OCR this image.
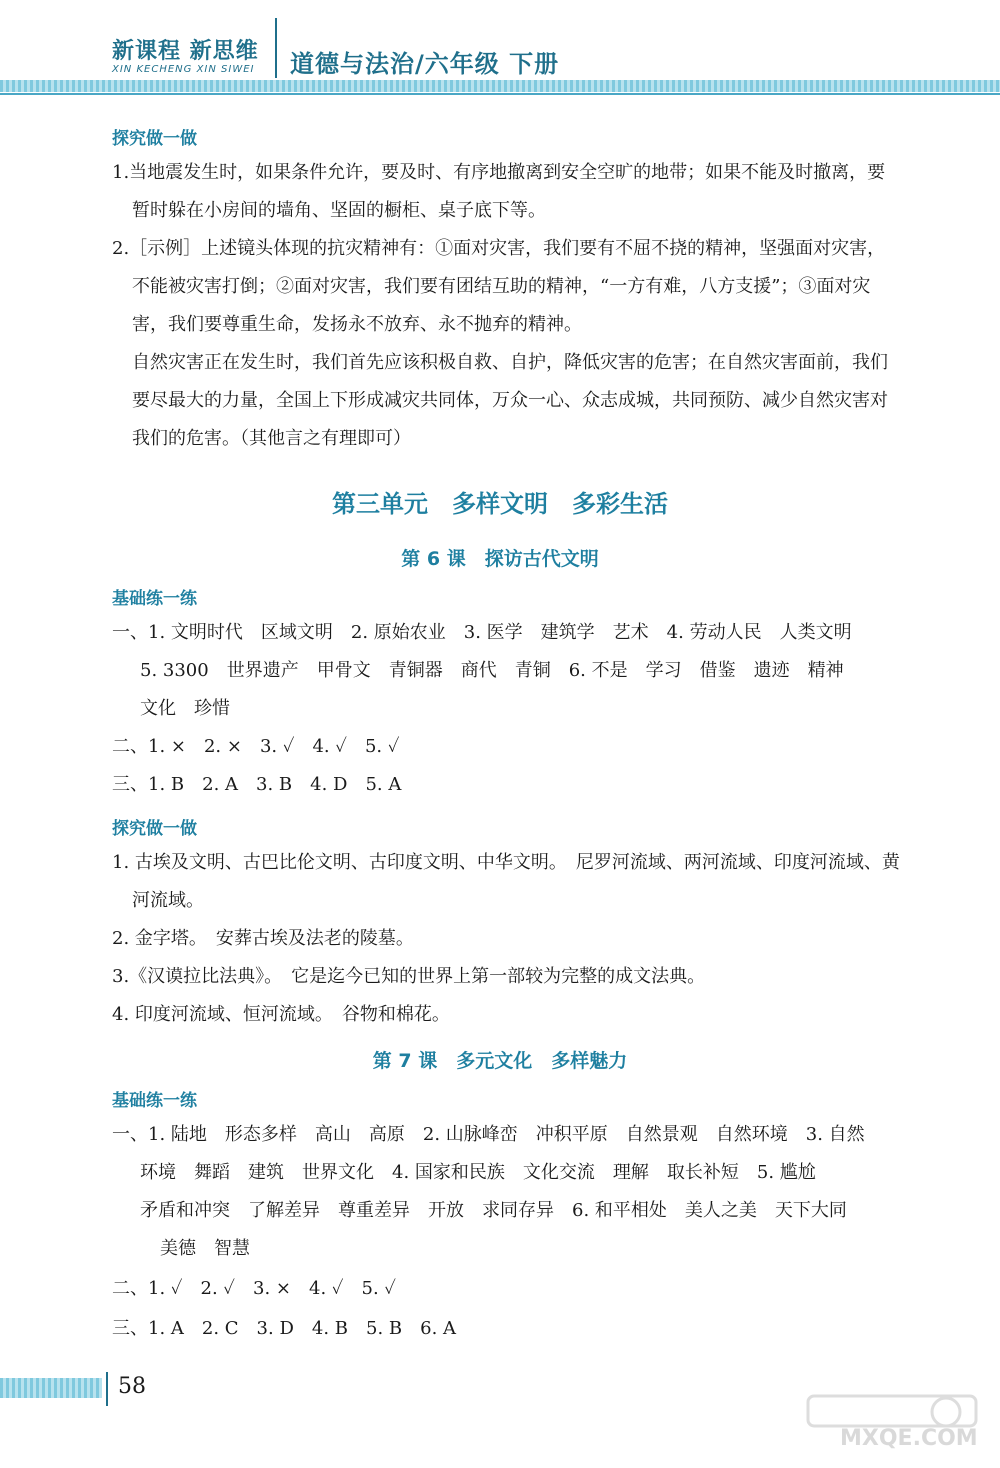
新课程 新思维
XIN KECHENG XIN SIWEI 道德与法治/六年级 下册
探究做一做
1.当地震发生时，如果条件允许，要及时、有序地撤离到安全空旷的地带；如果不能及时撤离，要
暂时躲在小房间的墙角、坚固的橱柜、桌子底下等。
2.［示例］上述镜头体现的抗灾精神有：①面对灾害，我们要有不屈不挠的精神，坚强面对灾害，
不能被灾害打倒；②面对灾害，我们要有团结互助的精神，“一方有难，八方支援”；③面对灾
害，我们要尊重生命，发扬永不放弃、永不抛弃的精神。
自然灾害正在发生时，我们首先应该积极自救、自护，降低灾害的危害；在自然灾害面前，我们
要尽最大的力量，全国上下形成减灾共同体，万众一心、众志成城，共同预防、减少自然灾害对
我们的危害。（其他言之有理即可）
第三单元　多样文明　多彩生活
第 6 课　探访古代文明
基础练一练
一、1. 文明时代　区域文明　2. 原始农业　3. 医学　建筑学　艺术　4. 劳动人民　人类文明
5. 3300　世界遗产　甲骨文　青铜器　商代　青铜　6. 不是　学习　借鉴　遗迹　精神
文化　珍惜
二、1. ×　2. ×　3. ✓　4. ✓　5. ✓
三、1. B　2. A　3. B　4. D　5. A
探究做一做
1. 古埃及文明、古巴比伦文明、古印度文明、中华文明。　尼罗河流域、两河流域、印度河流域、黄
河流域。
2. 金字塔。　安葬古埃及法老的陵墓。
3.《汉谟拉比法典》。　它是迄今已知的世界上第一部较为完整的成文法典。
4. 印度河流域、恒河流域。　谷物和棉花。
第 7 课　多元文化　多样魅力
基础练一练
一、1. 陆地　形态多样　高山　高原　2. 山脉峰峦　冲积平原　自然景观　自然环境　3. 自然
环境　舞蹈　建筑　世界文化　4. 国家和民族　文化交流　理解　取长补短　5. 尴尬
矛盾和冲突　了解差异　尊重差异　开放　求同存异　6. 和平相处　美人之美　天下大同
美德　智慧
二、1. ✓　2. ✓　3. ×　4. ✓　5. ✓
三、1. A　2. C　3. D　4. B　5. B　6. A
58
MXQE.COM
